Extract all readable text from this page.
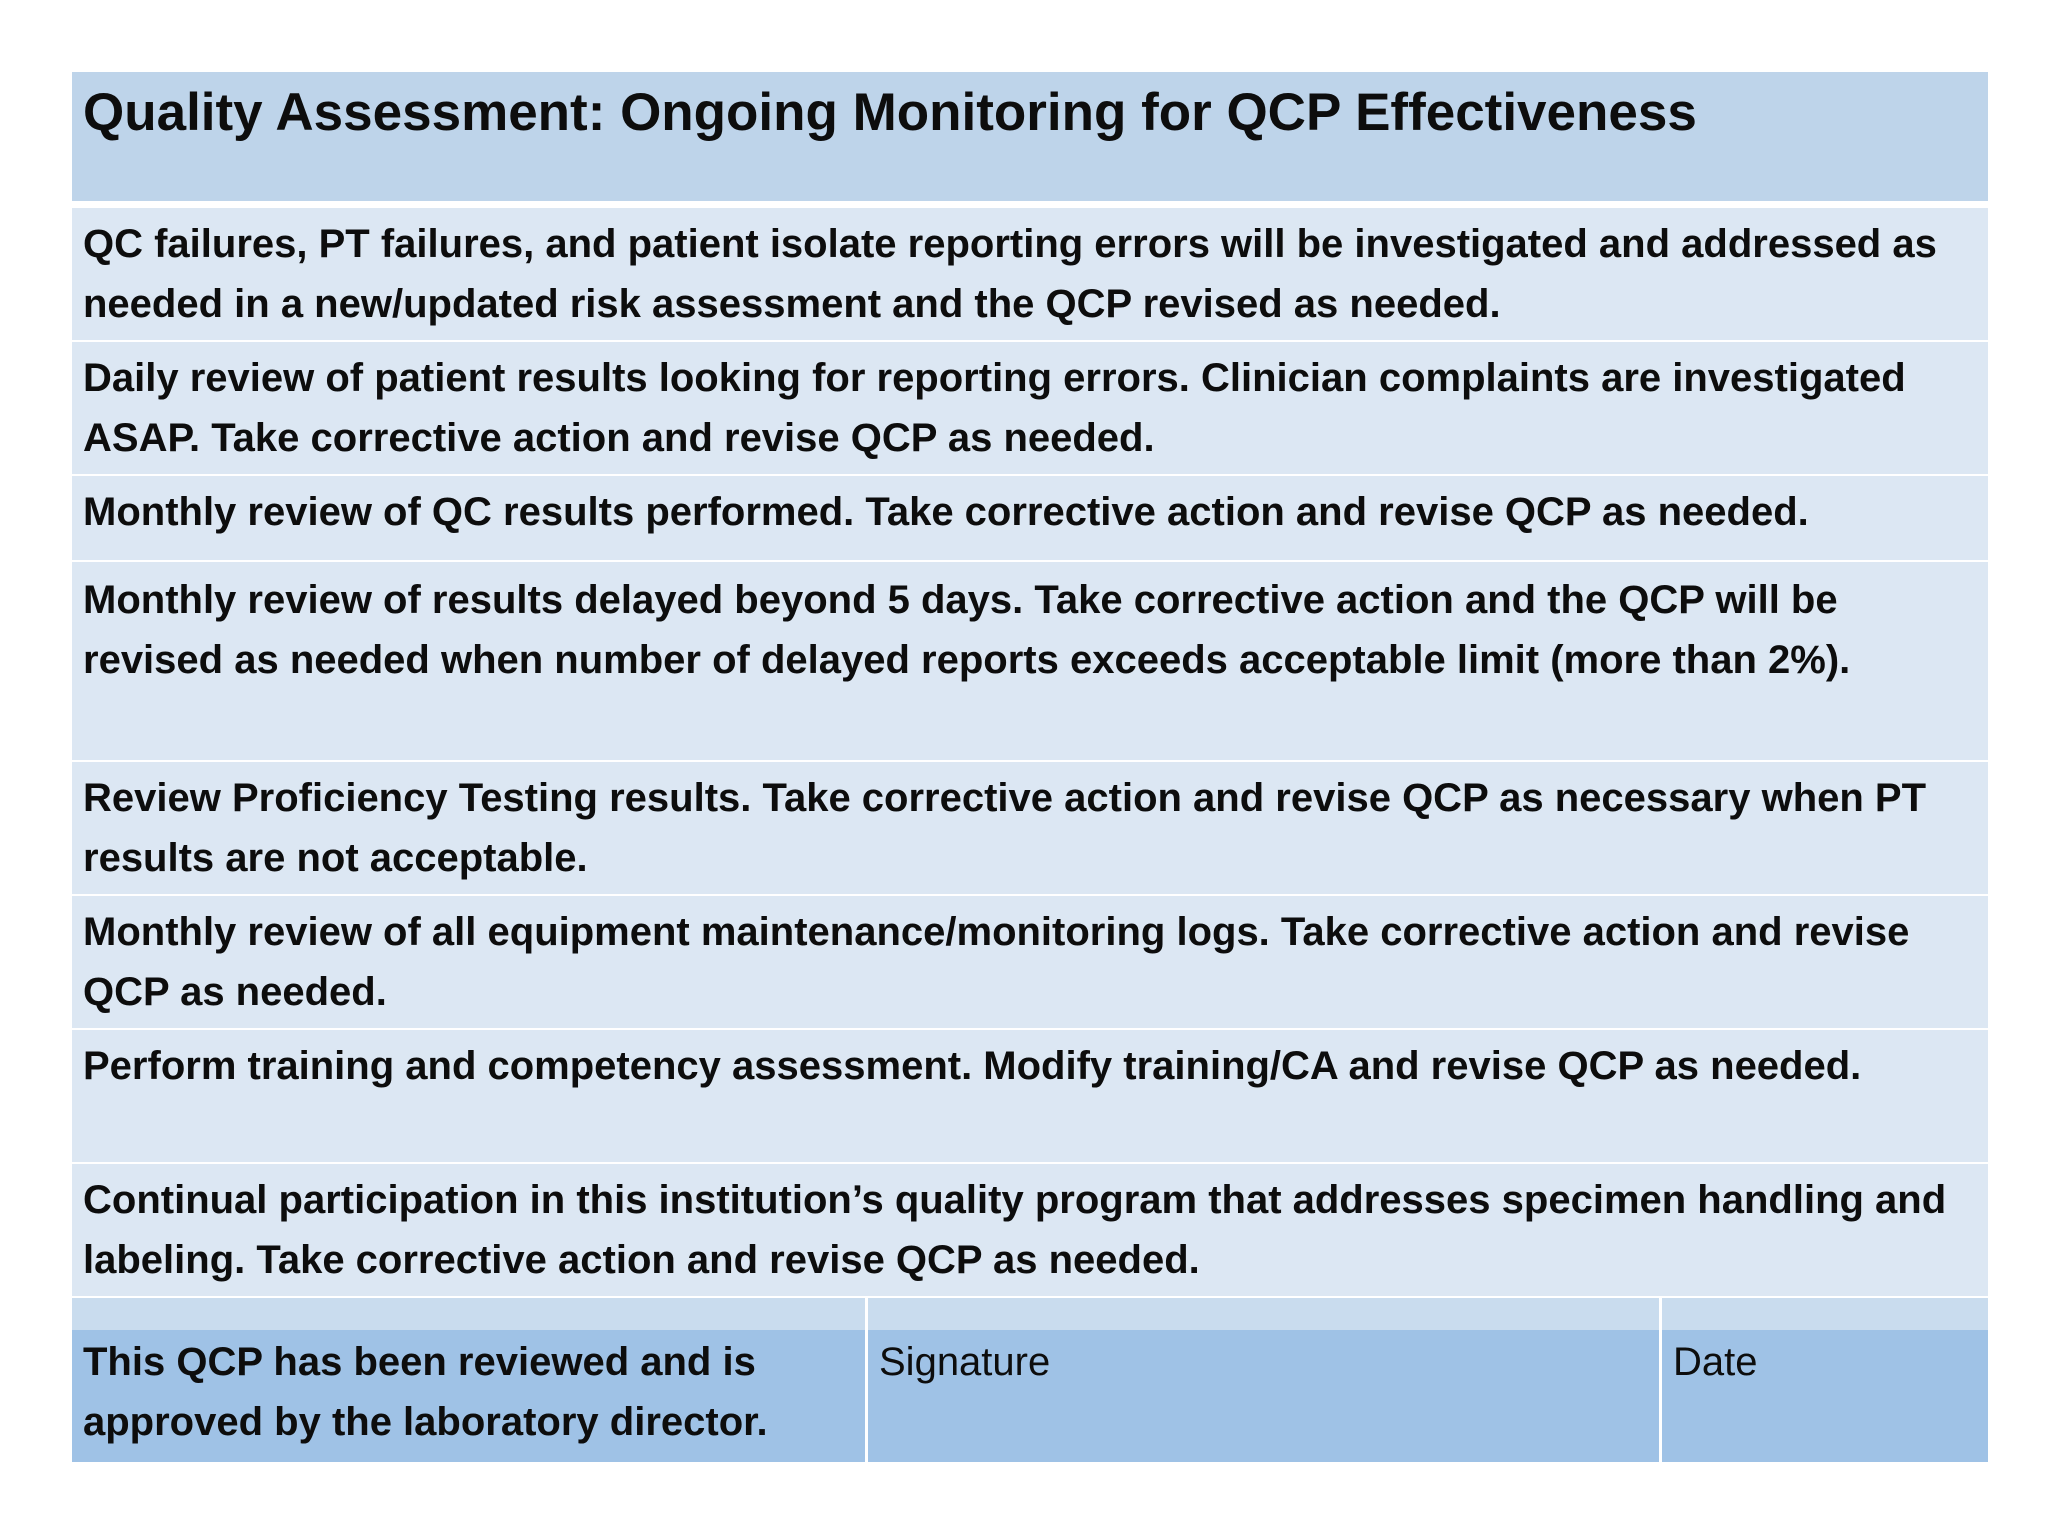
Quality Assessment: Ongoing Monitoring for QCP Effectiveness		
QC failures, PT failures, and patient isolate reporting errors will be investigated and addressed as needed in a new/updated risk assessment and the QCP revised as needed.		
Daily review of patient results looking for reporting errors. Clinician complaints are investigated ASAP. Take corrective action and revise QCP as needed.		
Monthly review of QC results performed. Take corrective action and revise QCP as needed.		
Monthly review of results delayed beyond 5 days. Take corrective action and the QCP will be revised as needed when number of delayed reports exceeds acceptable limit (more than 2%).		
Review Proficiency Testing results. Take corrective action and revise QCP as necessary when PT results are not acceptable.		
Monthly review of all equipment maintenance/monitoring logs. Take corrective action and revise QCP as needed.		
Perform training and competency assessment. Modify training/CA and revise QCP as needed.		
Continual participation in this institution’s quality program that addresses specimen handling and labeling. Take corrective action and revise QCP as needed.		

This QCP has been reviewed and is approved by the laboratory director.	Signature	Date
